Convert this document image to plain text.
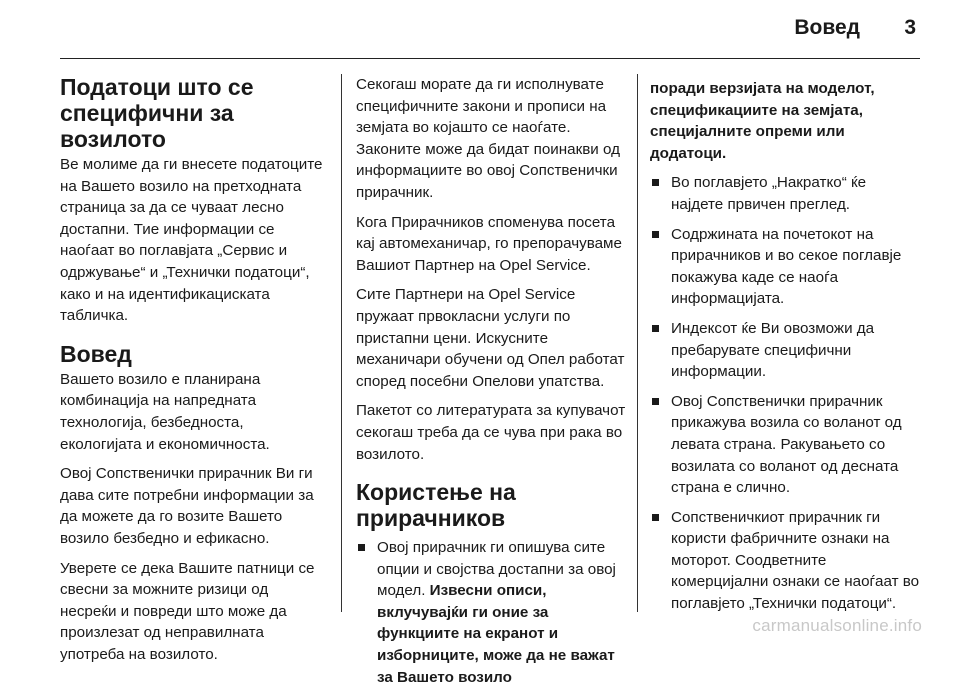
Вовед 3
Податоци што се специфични за возилото

Ве молиме да ги внесете податоците на Вашето возило на претходната страница за да се чуваат лесно достапни. Тие информации се наоѓаат во поглавјата „Сервис и одржување“ и „Технички податоци“, како и на идентификациската табличка.

Вовед

Вашето возило е планирана комбинација на напредната технологија, безбедноста, екологијата и економичноста.

Овој Сопственички прирачник Ви ги дава сите потребни информации за да можете да го возите Вашето возило безбедно и ефикасно.

Уверете се дека Вашите патници се свесни за можните ризици од несреќи и повреди што може да произлезат од неправилната употреба на возилото.

Секогаш морате да ги исполнувате специфичните закони и прописи на земјата во којашто се наоѓате. Законите може да бидат поинакви од информациите во овој Сопственички прирачник.

Кога Прирачников споменува посета кај автомеханичар, го препорачуваме Вашиот Партнер на Opel Service.

Сите Партнери на Opel Service пружаат првокласни услуги по пристапни цени. Искусните механичари обучени од Опел работат според посебни Опелови упатства.

Пакетот со литературата за купувачот секогаш треба да се чува при рака во возилото.

Користење на прирачников
Овој прирачник ги опишува сите опции и својства достапни за овој модел. Извесни описи, вклучувајќи ги оние за функциите на екранот и изборниците, може да не важат за Вашето возило
поради верзијата на моделот, спецификациите на земјата, специјалните опреми или додатоци.
Во поглавјето „Накратко“ ќе најдете првичен преглед.
Содржината на почетокот на прирачников и во секое поглавје покажува каде се наоѓа информацијата.
Индексот ќе Ви овозможи да пребарувате специфични информации.
Овој Сопственички прирачник прикажува возила со воланот од левата страна. Ракувањето со возилата со воланот од десната страна е слично.
Сопственичкиот прирачник ги користи фабричните ознаки на моторот. Соодветните комерцијални ознаки се наоѓаат во поглавјето „Технички податоци“.
carmanualsonline.info
